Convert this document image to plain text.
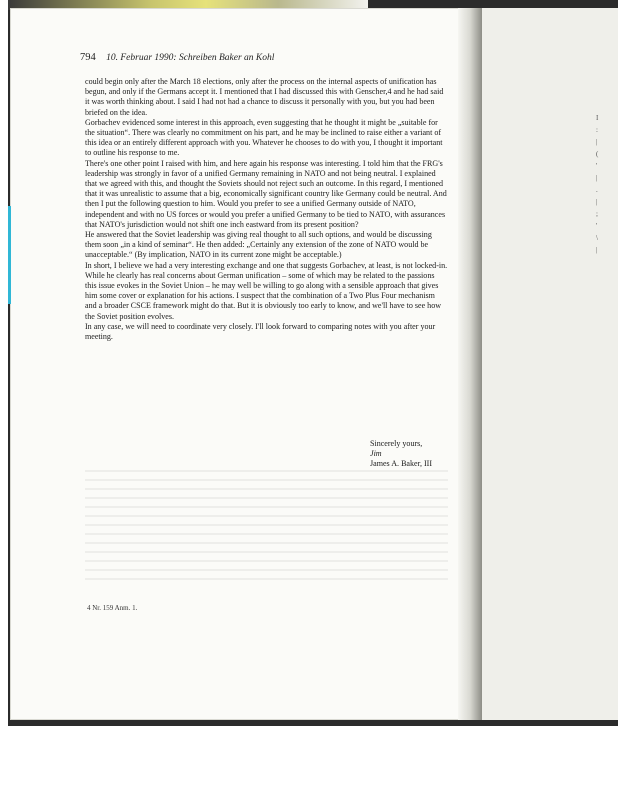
794 10. Februar 1990: Schreiben Baker an Kohl

could begin only after the March 18 elections, only after the process on the internal aspects of unification has begun, and only if the Germans accept it. I mentioned that I had discussed this with Genscher,4 and he had said it was worth thinking about. I said I had not had a chance to discuss it personally with you, but you had been briefed on the idea.

Gorbachev evidenced some interest in this approach, even suggesting that he thought it might be „suitable for the situation“. There was clearly no commitment on his part, and he may be inclined to raise either a variant of this idea or an entirely different approach with you. Whatever he chooses to do with you, I thought it important to outline his response to me.

There's one other point I raised with him, and here again his response was interesting. I told him that the FRG's leadership was strongly in favor of a unified Germany remaining in NATO and not being neutral. I explained that we agreed with this, and thought the Soviets should not reject such an outcome. In this regard, I mentioned that it was unrealistic to assume that a big, economically significant country like Germany could be neutral. And then I put the following question to him. Would you prefer to see a unified Germany outside of NATO, independent and with no US forces or would you prefer a unified Germany to be tied to NATO, with assurances that NATO's jurisdiction would not shift one inch eastward from its present position?

He answered that the Soviet leadership was giving real thought to all such options, and would be discussing them soon „in a kind of seminar“. He then added: „Certainly any extension of the zone of NATO would be unacceptable.“ (By implication, NATO in its current zone might be acceptable.)

In short, I believe we had a very interesting exchange and one that suggests Gorbachev, at least, is not locked-in. While he clearly has real concerns about German unification – some of which may be related to the passions this issue evokes in the Soviet Union – he may well be willing to go along with a sensible approach that gives him some cover or explanation for his actions. I suspect that the combination of a Two Plus Four mechanism and a broader CSCE framework might do that. But it is obviously too early to know, and we'll have to see how the Soviet position evolves.

In any case, we will need to coordinate very closely. I'll look forward to comparing notes with you after your meeting.

Sincerely yours,
Jim
James A. Baker, III
4 Nr. 159 Anm. 1.
I
:
|
(
'
|
.
|
;
'
\
|
